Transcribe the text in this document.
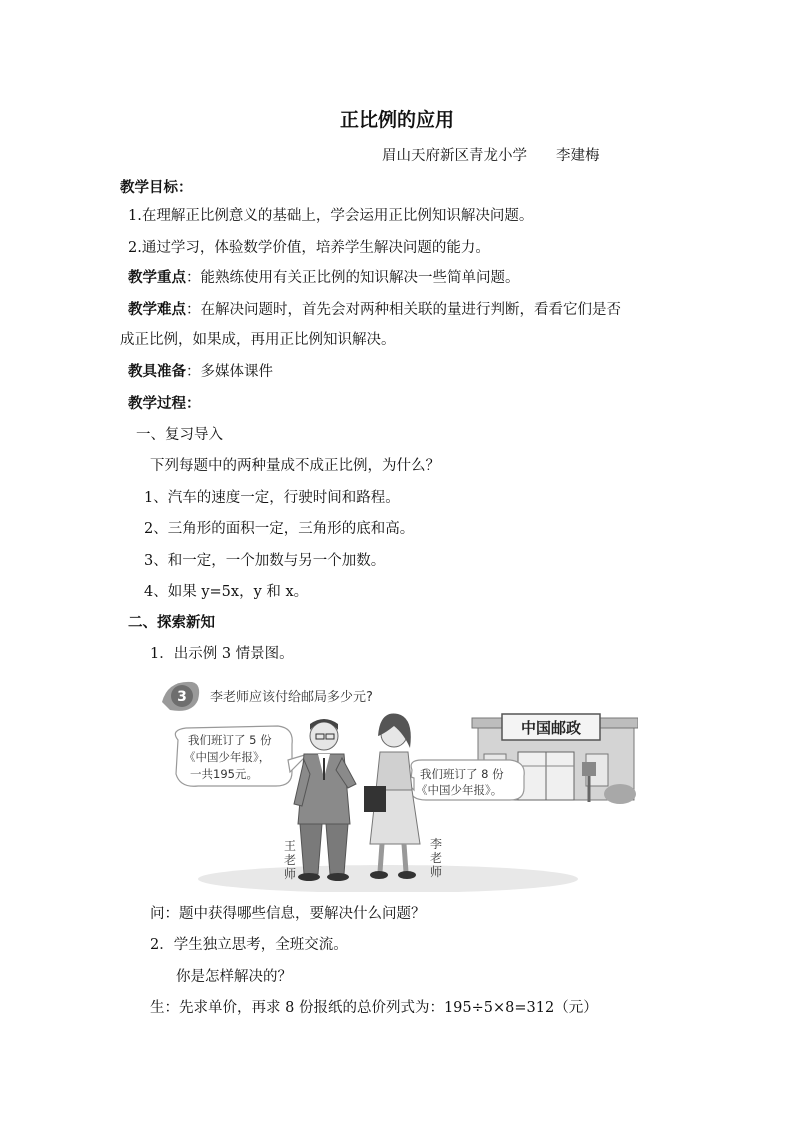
正比例的应用
眉山天府新区青龙小学　　李建梅
教学目标：
1.在理解正比例意义的基础上，学会运用正比例知识解决问题。
2.通过学习，体验数学价值，培养学生解决问题的能力。
教学重点：能熟练使用有关正比例的知识解决一些简单问题。
教学难点：在解决问题时，首先会对两种相关联的量进行判断，看看它们是否
成正比例，如果成，再用正比例知识解决。
教具准备：多媒体课件
教学过程：
一、复习导入
下列每题中的两种量成不成正比例，为什么？
1、汽车的速度一定，行驶时间和路程。
2、三角形的面积一定，三角形的底和高。
3、和一定，一个加数与另一个加数。
4、如果 y=5x，y 和 x。
二、探索新知
1．出示例 3 情景图。
3 李老师应该付给邮局多少元?
中国邮政
我们班订了 5 份
《中国少年报》，
一共195元。	我们班订了 8 份
《中国少年报》。
王
老
师
李
老
师
问：题中获得哪些信息，要解决什么问题？
2．学生独立思考，全班交流。
你是怎样解决的？
生：先求单价，再求 8 份报纸的总价列式为：195÷5×8=312（元）
